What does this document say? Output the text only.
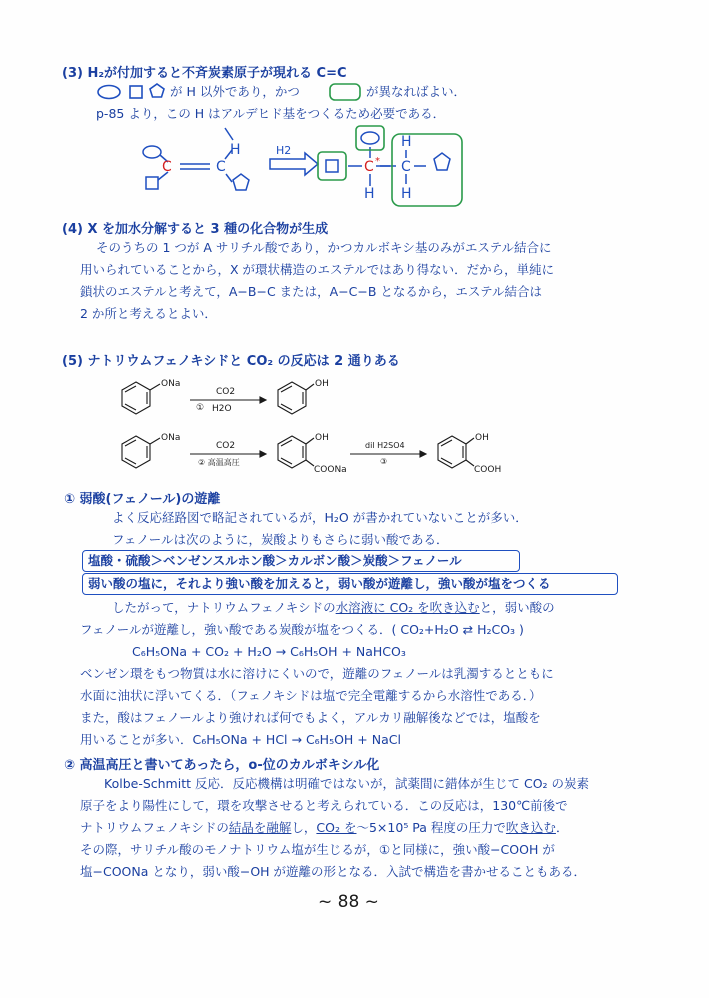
(3) H₂が付加すると不斉炭素原子が現れる C=C
が H 以外であり，かつ	が異なればよい．
p-85 より，この H はアルデヒド基をつくるため必要である．
C	C
H	H2
C *
H
H
C
H
(4) X を加水分解すると 3 種の化合物が生成
そのうちの 1 つが A サリチル酸であり，かつカルボキシ基のみがエステル結合に
用いられていることから，X が環状構造のエステルではあり得ない．だから，単純に
鎖状のエステルと考えて，A−B−C または，A−C−B となるから，エステル結合は
2 か所と考えるとよい．
(5) ナトリウムフェノキシドと CO₂ の反応は 2 通りある
ONa
CO2
① H2O
OH
ONa
CO2
② 高温高圧
OH
COONa
dil H2SO4
③
OH
COOH
① 弱酸(フェノール)の遊離
よく反応経路図で略記されているが，H₂O が書かれていないことが多い．
フェノールは次のように，炭酸よりもさらに弱い酸である．
塩酸・硫酸＞ベンゼンスルホン酸＞カルボン酸＞炭酸＞フェノール
弱い酸の塩に，それより強い酸を加えると，弱い酸が遊離し，強い酸が塩をつくる
したがって，ナトリウムフェノキシドの水溶液に CO₂ を吹き込むと，弱い酸の
フェノールが遊離し，強い酸である炭酸が塩をつくる．( CO₂+H₂O ⇄ H₂CO₃ )
C₆H₅ONa + CO₂ + H₂O → C₆H₅OH + NaHCO₃
ベンゼン環をもつ物質は水に溶けにくいので，遊離のフェノールは乳濁するとともに
水面に油状に浮いてくる．（フェノキシドは塩で完全電離するから水溶性である．）
また，酸はフェノールより強ければ何でもよく，アルカリ融解後などでは，塩酸を
用いることが多い．C₆H₅ONa + HCl → C₆H₅OH + NaCl
② 高温高圧と書いてあったら，o-位のカルボキシル化
Kolbe-Schmitt 反応．反応機構は明確ではないが，試薬間に錯体が生じて CO₂ の炭素
原子をより陽性にして，環を攻撃させると考えられている．この反応は，130℃前後で
ナトリウムフェノキシドの結晶を融解し，CO₂ を〜5×10⁵ Pa 程度の圧力で吹き込む．
その際，サリチル酸のモノナトリウム塩が生じるが，①と同様に，強い酸−COOH が
塩−COONa となり，弱い酸−OH が遊離の形となる．入試で構造を書かせることもある．
~ 88 ~
